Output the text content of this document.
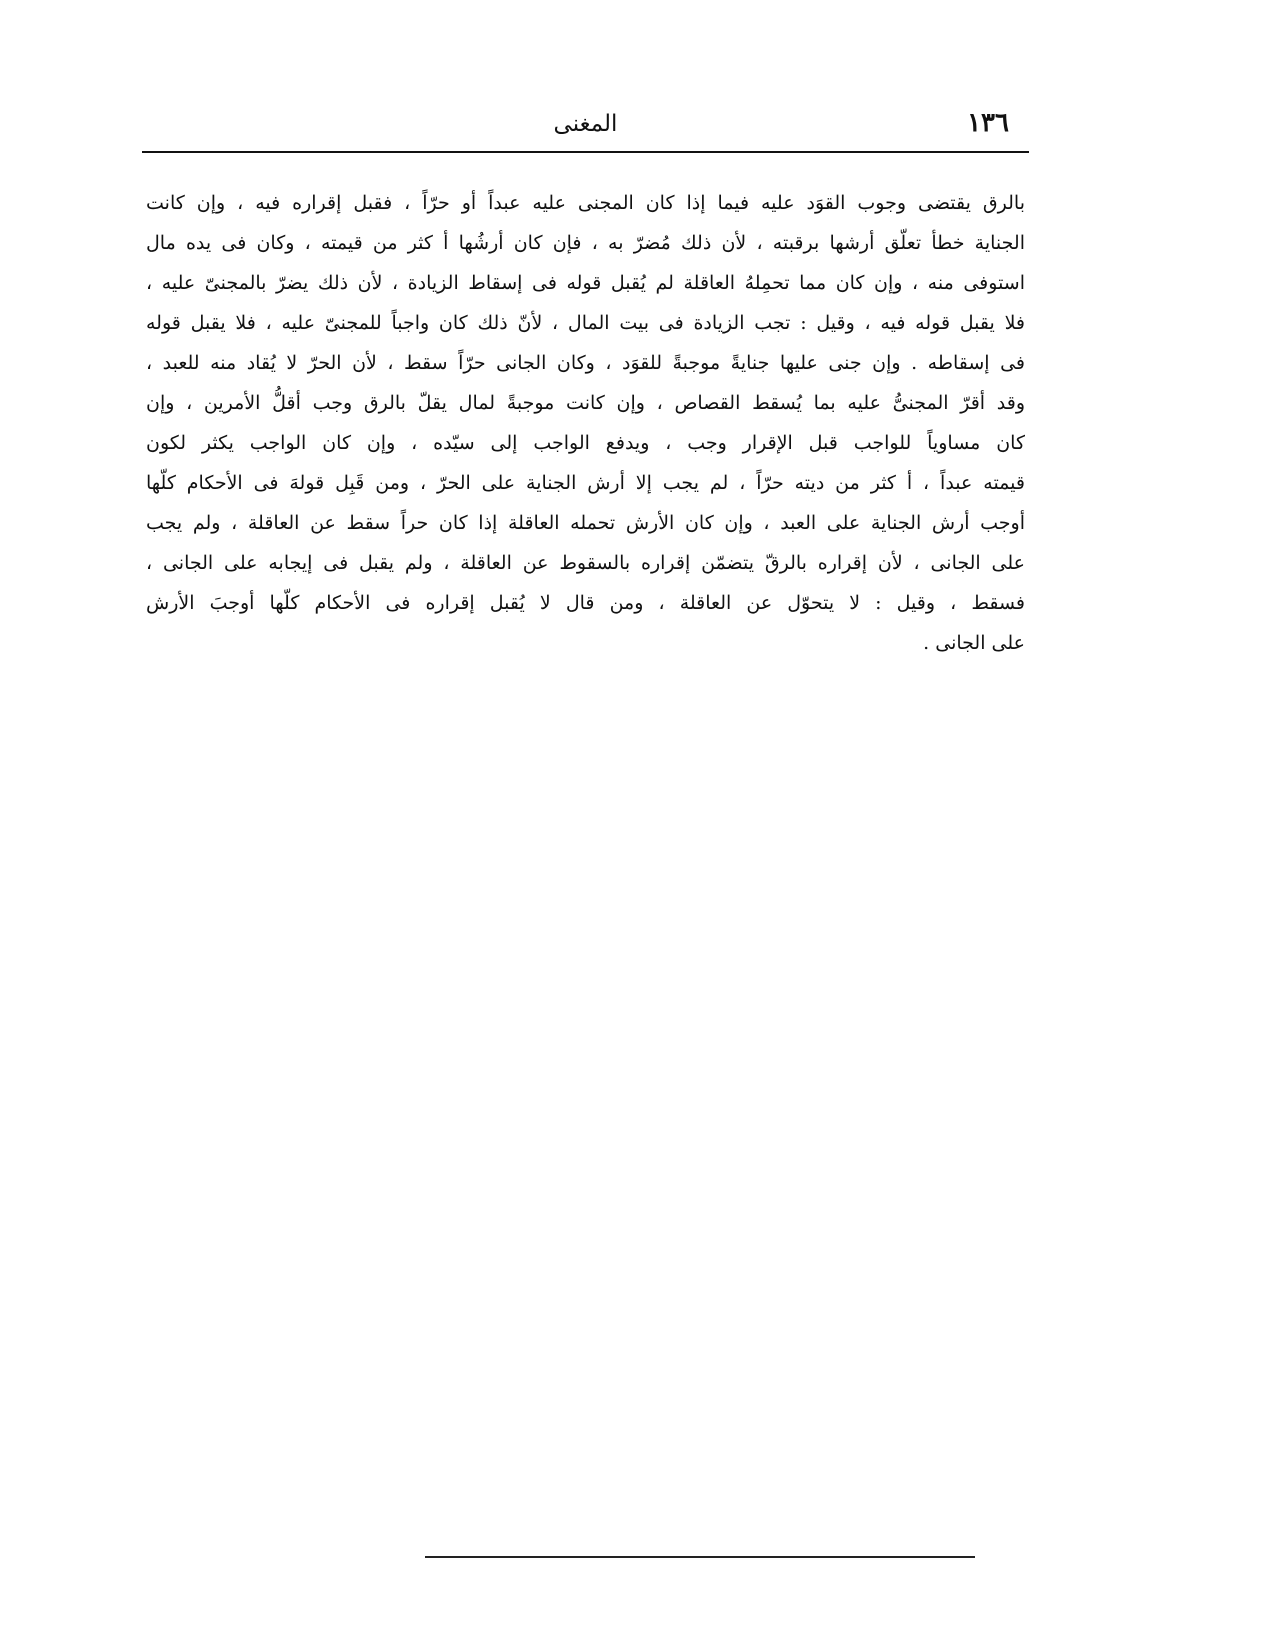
١٣٦
المغنى
بالرق يقتضى وجوب القوَد عليه فيما إذا كان المجنى عليه عبداً أو حرّاً ، فقبل إقراره فيه ، وإن كانت
الجناية خطأ تعلّق أرشها برقبته ، لأن ذلك مُضرّ به ، فإن كان أرشُها أ كثر من قيمته ، وكان فى يده مال
استوفى منه ، وإن كان مما تحمِلهُ العاقلة لم يُقبل قوله فى إسقاط الزيادة ، لأن ذلك يضرّ بالمجنىّ عليه ،
فلا يقبل قوله فيه ، وقيل : تجب الزيادة فى بيت المال ، لأنّ ذلك كان واجباً للمجنىّ عليه ، فلا يقبل قوله
فى إسقاطه . وإن جنى عليها جنايةً موجبةً للقوَد ، وكان الجانى حرّاً سقط ، لأن الحرّ لا يُقاد منه للعبد ،
وقد أقرّ المجنىُّ عليه بما يُسقط القصاص ، وإن كانت موجبةً لمال يقلّ بالرق وجب أقلُّ الأمرين ، وإن
كان مساوياً للواجب قبل الإقرار وجب ، ويدفع الواجب إلى سيّده ، وإن كان الواجب يكثر لكون
قيمته عبداً ، أ كثر من ديته حرّاً ، لم يجب إلا أرش الجناية على الحرّ ، ومن قَبِل قولهَ فى الأحكام كلّها
أوجب أرش الجناية على العبد ، وإن كان الأرش تحمله العاقلة إذا كان حراً سقط عن العاقلة ، ولم يجب
على الجانى ، لأن إقراره بالرقّ يتضمّن إقراره بالسقوط عن العاقلة ، ولم يقبل فى إيجابه على الجانى ،
فسقط ، وقيل : لا يتحوّل عن العاقلة ، ومن قال لا يُقبل إقراره فى الأحكام كلّها أوجبَ الأرش
على الجانى .
